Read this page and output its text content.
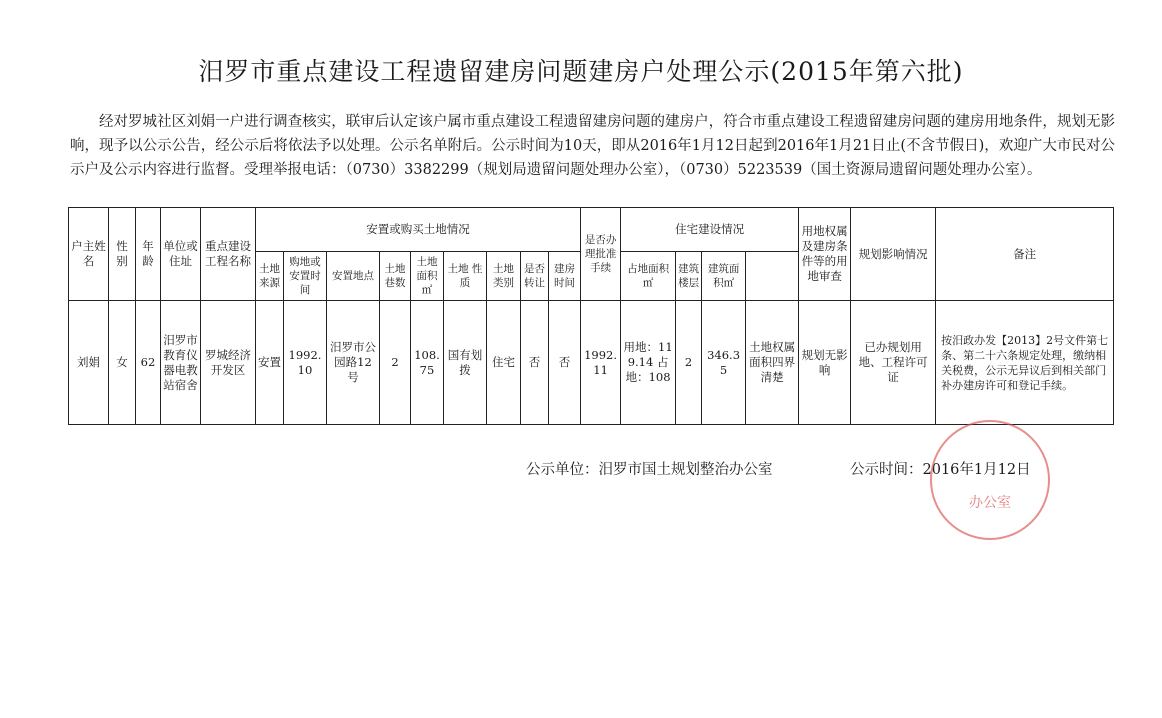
汨罗市重点建设工程遗留建房问题建房户处理公示(2015年第六批)
经对罗城社区刘娟一户进行调查核实，联审后认定该户属市重点建设工程遗留建房问题的建房户，符合市重点建设工程遗留建房问题的建房用地条件，规划无影响，现予以公示公告，经公示后将依法予以处理。公示名单附后。公示时间为10天，即从2016年1月12日起到2016年1月21日止(不含节假日)，欢迎广大市民对公示户及公示内容进行监督。受理举报电话：（0730）3382299（规划局遗留问题处理办公室），（0730）5223539（国土资源局遗留问题处理办公室）。
户主姓名	性别	年龄	单位或住址	重点建设工程名称	安置或购买土地情况									是否办理批准手续	住宅建设情况				用地权属及建房条件等的用地审查	规划影响情况	备注	
					土地来源	购地或安置时间	安置地点	土地巷数	土地面积㎡	土地 性质	土地类别	是否转让	建房时间		占地面积㎡	建筑楼层	建筑面积㎡					
刘娟	女	62	汨罗市教育仪器电教站宿舍	罗城经济开发区	安置	1992.10	汨罗市公园路12号	2	108.75	国有划拨	住宅	否	否	1992.11	用地：119.14 占地：108	2	346.35	土地权属面积四界清楚	规划无影响	已办规划用地、工程许可证	按汨政办发【2013】2号文件第七条、第二十六条规定处理，缴纳相关税费，公示无异议后到相关部门补办建房许可和登记手续。	
公示单位：汨罗市国土规划整治办公室	公示时间：2016年1月12日
办公室
